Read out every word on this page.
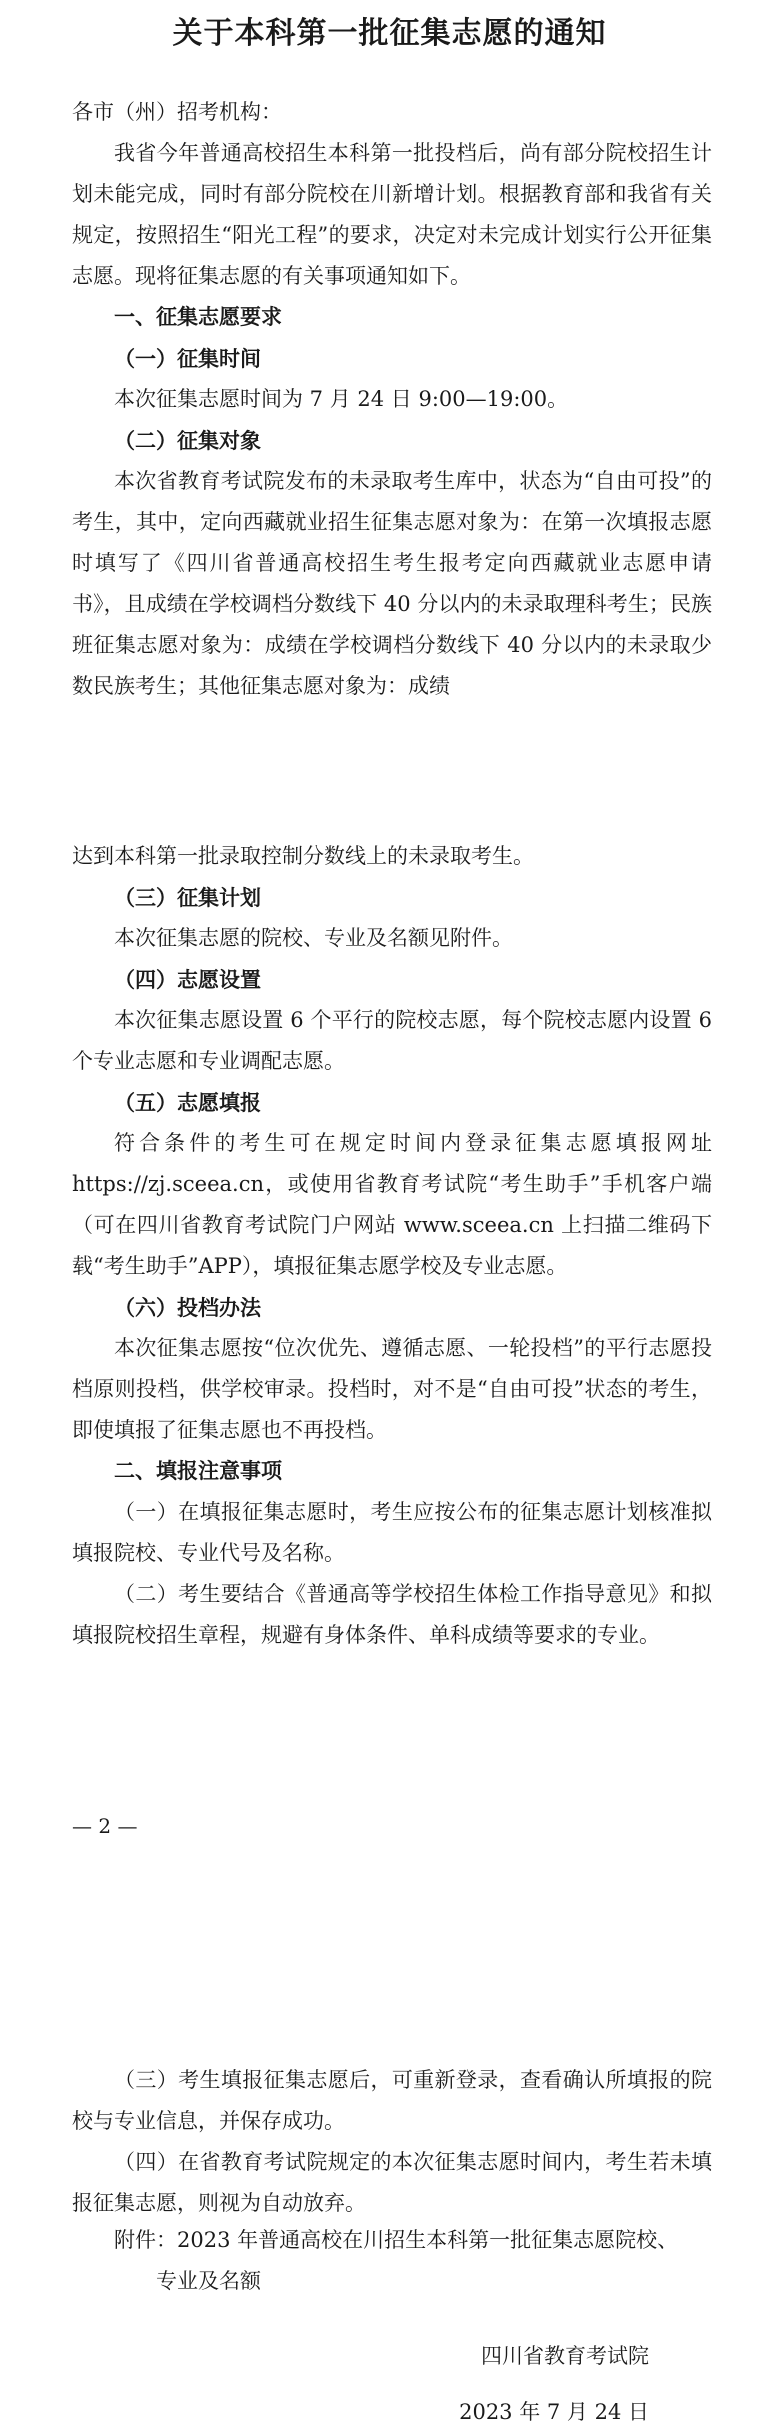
关于本科第一批征集志愿的通知

各市（州）招考机构：

我省今年普通高校招生本科第一批投档后，尚有部分院校招生计划未能完成，同时有部分院校在川新增计划。根据教育部和我省有关规定，按照招生“阳光工程”的要求，决定对未完成计划实行公开征集志愿。现将征集志愿的有关事项通知如下。

一、征集志愿要求

（一）征集时间

本次征集志愿时间为 7 月 24 日 9:00—19:00。

（二）征集对象

本次省教育考试院发布的未录取考生库中，状态为“自由可投”的考生，其中，定向西藏就业招生征集志愿对象为：在第一次填报志愿时填写了《四川省普通高校招生考生报考定向西藏就业志愿申请书》，且成绩在学校调档分数线下 40 分以内的未录取理科考生；民族班征集志愿对象为：成绩在学校调档分数线下 40 分以内的未录取少数民族考生；其他征集志愿对象为：成绩

达到本科第一批录取控制分数线上的未录取考生。

（三）征集计划

本次征集志愿的院校、专业及名额见附件。

（四）志愿设置

本次征集志愿设置 6 个平行的院校志愿，每个院校志愿内设置 6 个专业志愿和专业调配志愿。

（五）志愿填报

符合条件的考生可在规定时间内登录征集志愿填报网址 https://zj.sceea.cn，或使用省教育考试院“考生助手”手机客户端（可在四川省教育考试院门户网站 www.sceea.cn 上扫描二维码下载“考生助手”APP），填报征集志愿学校及专业志愿。

（六）投档办法

本次征集志愿按“位次优先、遵循志愿、一轮投档”的平行志愿投档原则投档，供学校审录。投档时，对不是“自由可投”状态的考生，即使填报了征集志愿也不再投档。

二、填报注意事项

（一）在填报征集志愿时，考生应按公布的征集志愿计划核准拟填报院校、专业代号及名称。

（二）考生要结合《普通高等学校招生体检工作指导意见》和拟填报院校招生章程，规避有身体条件、单科成绩等要求的专业。

— 2 —

（三）考生填报征集志愿后，可重新登录，查看确认所填报的院校与专业信息，并保存成功。

（四）在省教育考试院规定的本次征集志愿时间内，考生若未填报征集志愿，则视为自动放弃。

附件：2023 年普通高校在川招生本科第一批征集志愿院校、

专业及名额

四川省教育考试院
2023 年 7 月 24 日
